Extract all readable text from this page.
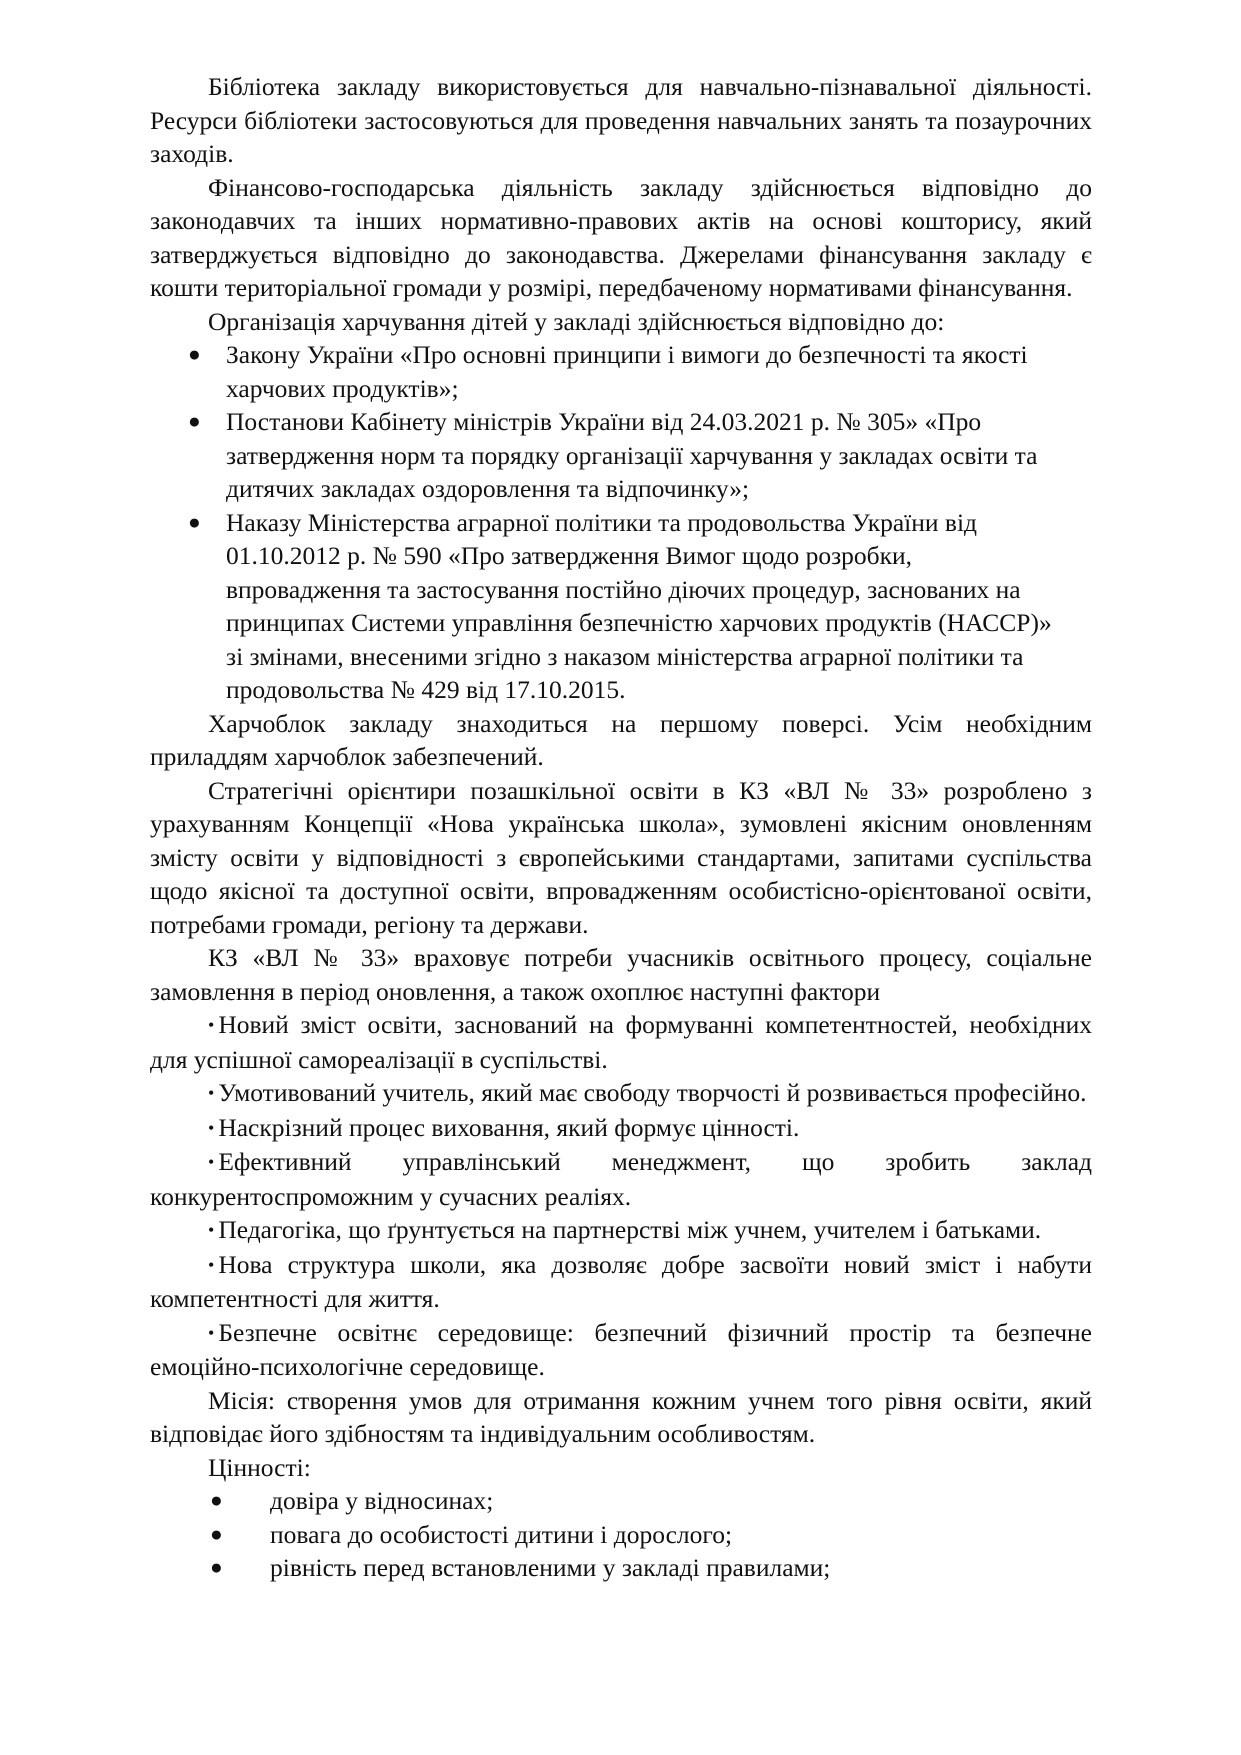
Бібліотека закладу використовується для навчально-пізнавальної діяльності. Ресурси бібліотеки застосовуються для проведення навчальних занять та позаурочних заходів.

Фінансово-господарська діяльність закладу здійснюється відповідно до законодавчих та інших нормативно-правових актів на основі кошторису, який затверджується відповідно до законодавства. Джерелами фінансування закладу є кошти територіальної громади у розмірі, передбаченому нормативами фінансування.

Організація харчування дітей у закладі здійснюється відповідно до:

● Закону України «Про основні принципи і вимоги до безпечності та якості харчових продуктів»;
● Постанови Кабінету міністрів України від 24.03.2021 р. № 305» «Про затвердження норм та порядку організації харчування у закладах освіти та дитячих закладах оздоровлення та відпочинку»;
● Наказу Міністерства аграрної політики та продовольства України від 01.10.2012 р. № 590 «Про затвердження Вимог щодо розробки, впровадження та застосування постійно діючих процедур, заснованих на принципах Системи управління безпечністю харчових продуктів (НАССР)» зі змінами, внесеними згідно з наказом міністерства аграрної політики та продовольства № 429 від 17.10.2015.

Харчоблок закладу знаходиться на першому поверсі. Усім необхідним приладдям харчоблок забезпечений.

Стратегічні орієнтири позашкільної освіти в КЗ «ВЛ № 33» розроблено з урахуванням Концепції «Нова українська школа», зумовлені якісним оновленням змісту освіти у відповідності з європейськими стандартами, запитами суспільства щодо якісної та доступної освіти, впровадженням особистісно-орієнтованої освіти, потребами громади, регіону та держави.

КЗ «ВЛ № 33» враховує потреби учасників освітнього процесу, соціальне замовлення в період оновлення, а також охоплює наступні фактори

• Новий зміст освіти, заснований на формуванні компетентностей, необхідних для успішної самореалізації в суспільстві.

• Умотивований учитель, який має свободу творчості й розвивається професійно.

• Наскрізний процес виховання, який формує цінності.

• Ефективний управлінський менеджмент, що зробить заклад конкурентоспроможним у сучасних реаліях.

• Педагогіка, що ґрунтується на партнерстві між учнем, учителем і батьками.

• Нова структура школи, яка дозволяє добре засвоїти новий зміст і набути компетентності для життя.

• Безпечне освітнє середовище: безпечний фізичний простір та безпечне емоційно-психологічне середовище.

Місія: створення умов для отримання кожним учнем того рівня освіти, який відповідає його здібностям та індивідуальним особливостям.

Цінності:

● довіра у відносинах;
● повага до особистості дитини і дорослого;
● рівність перед встановленими у закладі правилами;
